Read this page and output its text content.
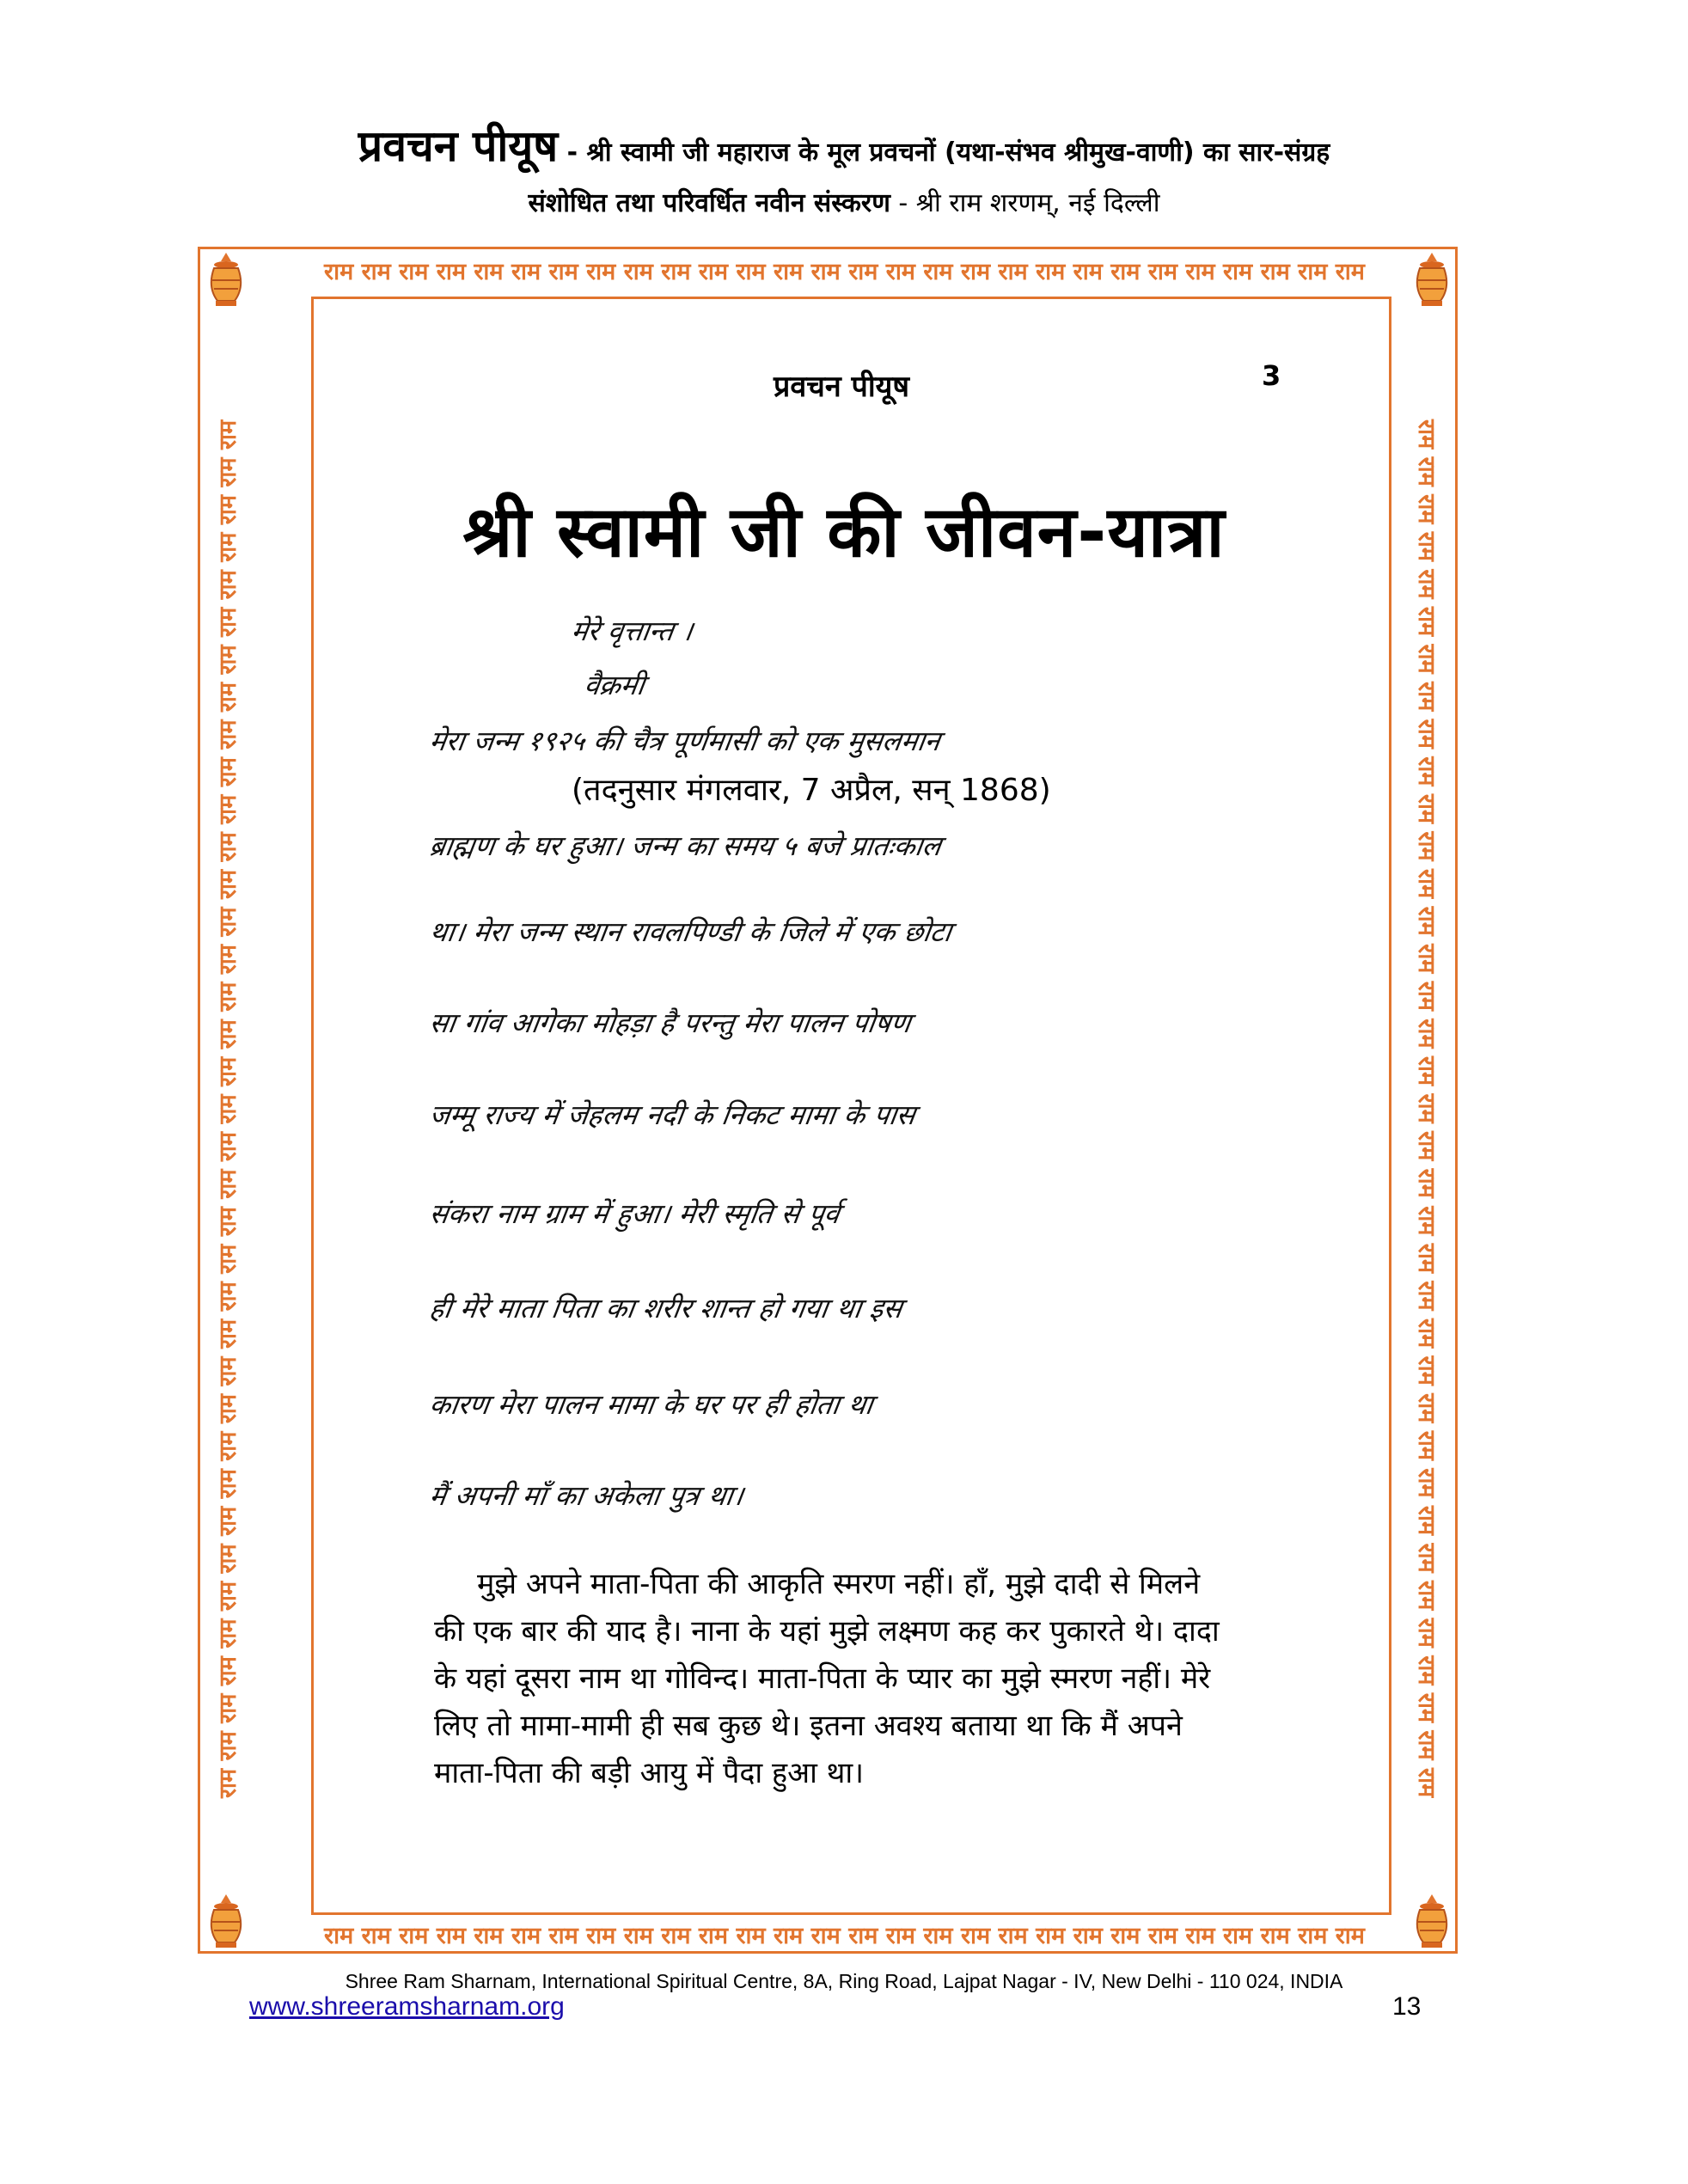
प्रवचन पीयूष - श्री स्वामी जी महाराज के मूल प्रवचनों (यथा-संभव श्रीमुख-वाणी) का सार-संग्रह
संशोधित तथा परिवर्धित नवीन संस्करण - श्री राम शरणम्, नई दिल्ली
राम राम राम राम राम राम राम राम राम राम राम राम राम राम राम राम राम राम राम राम राम राम राम राम राम राम राम राम
राम राम राम राम राम राम राम राम राम राम राम राम राम राम राम राम राम राम राम राम राम राम राम राम राम राम राम राम
राम राम राम राम राम राम राम राम राम राम राम राम राम राम राम राम राम राम राम राम राम राम राम राम राम राम राम राम राम राम राम राम राम राम राम राम राम	राम राम राम राम राम राम राम राम राम राम राम राम राम राम राम राम राम राम राम राम राम राम राम राम राम राम राम राम राम राम राम राम राम राम राम राम राम
प्रवचन पीयूष	3
श्री स्वामी जी की जीवन-यात्रा
मेरे वृत्तान्त ।
वैक्रमी
मेरा जन्म १९२५ की चैत्र पूर्णमासी को एक मुसलमान
(तदनुसार मंगलवार, 7 अप्रैल, सन् 1868)
ब्राह्मण के घर हुआ। जन्म का समय ५ बजे प्रातःकाल
था। मेरा जन्म स्थान रावलपिण्डी के जिले में एक छोटा
सा गांव आगेका मोहड़ा है परन्तु मेरा पालन पोषण
जम्मू राज्य में जेहलम नदी के निकट मामा के पास
संकरा नाम ग्राम में हुआ। मेरी स्मृति से पूर्व
ही मेरे माता पिता का शरीर शान्त हो गया था इस
कारण मेरा पालन मामा के घर पर ही होता था
मैं अपनी माँ का अकेला पुत्र था।
मुझे अपने माता-पिता की आकृति स्मरण नहीं। हाँ, मुझे दादी से मिलने
की एक बार की याद है। नाना के यहां मुझे लक्ष्मण कह कर पुकारते थे। दादा
के यहां दूसरा नाम था गोविन्द। माता-पिता के प्यार का मुझे स्मरण नहीं। मेरे
लिए तो मामा-मामी ही सब कुछ थे। इतना अवश्य बताया था कि मैं अपने
माता-पिता की बड़ी आयु में पैदा हुआ था।
Shree Ram Sharnam, International Spiritual Centre, 8A, Ring Road, Lajpat Nagar - IV, New Delhi - 110 024, INDIA
www.shreeramsharnam.org	13
